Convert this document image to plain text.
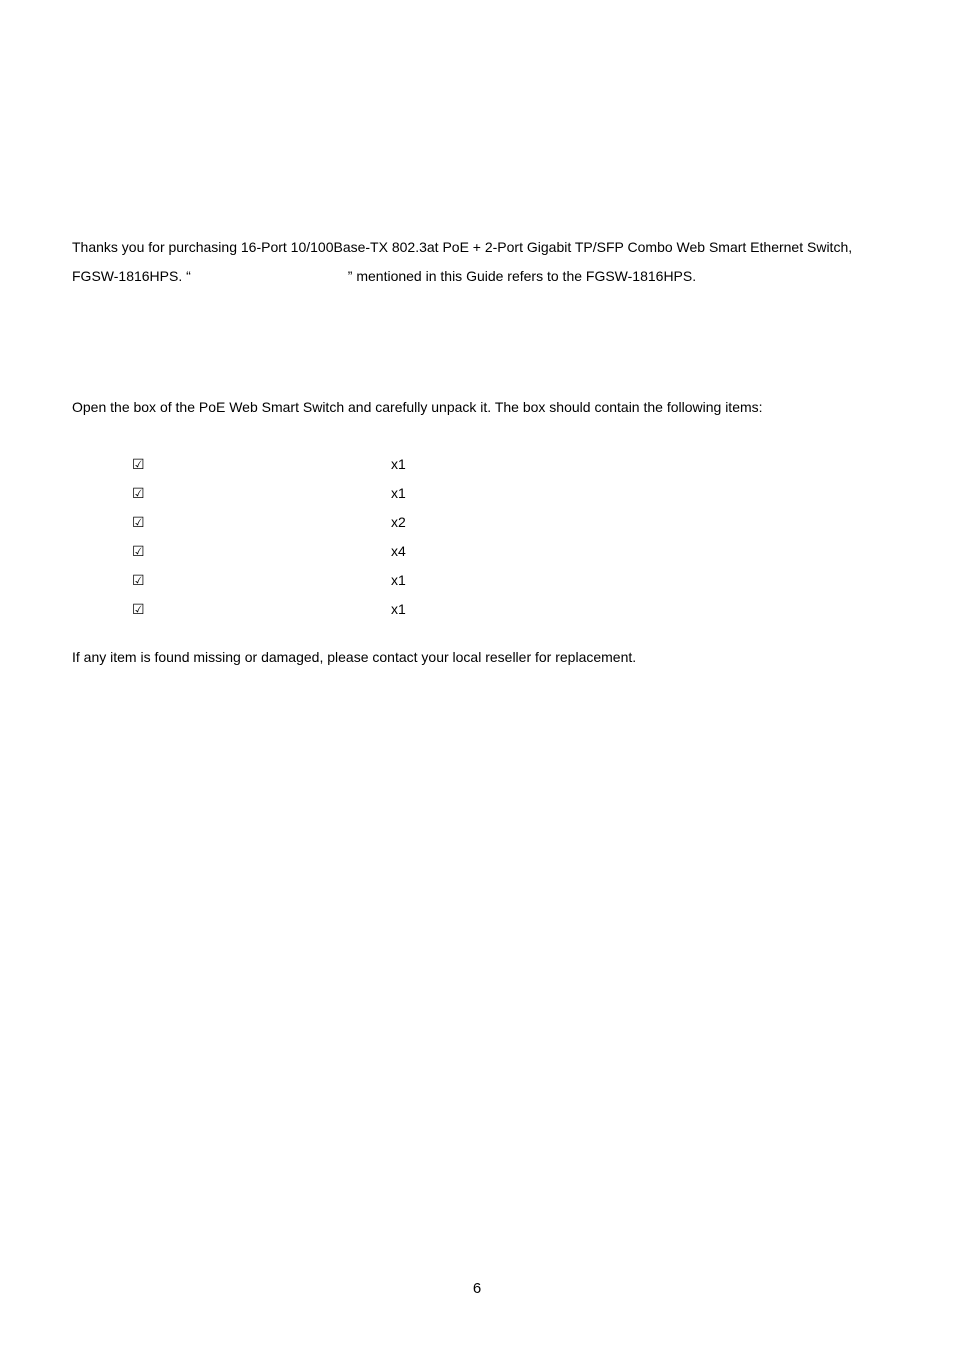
Thanks you for purchasing 16-Port 10/100Base-TX 802.3at PoE + 2-Port Gigabit TP/SFP Combo Web Smart Ethernet Switch,
FGSW-1816HPS. “	” mentioned in this Guide refers to the FGSW-1816HPS.
Open the box of the PoE Web Smart Switch and carefully unpack it. The box should contain the following items:
☑	x1
☑	x1
☑	x2
☑	x4
☑	x1
☑	x1
If any item is found missing or damaged, please contact your local reseller for replacement.
6
